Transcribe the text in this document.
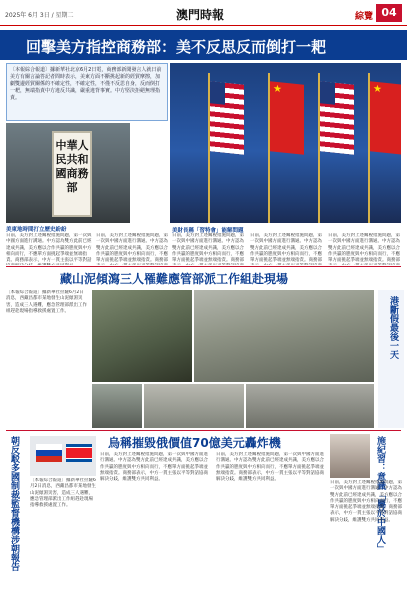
2025年 6月 3日 / 星期二	澳門時報	綜覽 04
回擊美方指控商務部：美不反思反而倒打一耙
〔本報綜合報道〕據新華社北京6月2日電，商務部新聞發言人就日前美方有關言論答記者問時表示，美東方面不斷挑起新的經貿摩擦，加劇雙邊經貿關係的不確定性，不確定性，不僅不反思自身，反而倒打一耙，無端指責中方違反共識，嚴重違背事實。中方堅決拒絕無理指責。
中華人民共和國商務部
美東地時間打立歷史紛紛
★
★	美財長稱「習特會」能解問題
日前，美方對上述關稅措施問題，第一次與中國方面進行溝通。中方認為雙方此前已經達成共識，美方應以合作共贏的態度與中方相向而行，不應單方面挑起爭端並無端指責。商務部表示，中方一貫主張以平等對話
日前，美方對上述關稅措施問題，第一次與中國方面進行溝通。中方認為雙方此前已經達成共識，美方應以合作共贏的態度與中方相向而行，不應單方面挑起爭端並無端指責。商務部
日前，美方對上述關稅措施問題，第一次與中國方面進行溝通。中方認為雙方此前已經達成共識，美方應以合作共贏的態度與中方相向而行，不應單方面挑起爭端並無端指責。商務部
日前，美方對上述關稅措施問題，第一次與中國方面進行溝通。中方認為雙方此前已經達成共識，美方應以合作共贏的態度與中方相向而行，不應單方面挑起爭端並無端指責。商務部
日前，美方對上述關稅措施問題，第一次與中國方面進行溝通。中方認為雙方此前已經達成共識，美方應以合作共贏的態度與中方相向而行，不應單方面挑起爭端並無端指責。商務部
藏山泥傾瀉三人罹難應管部派工作組赴現場
〔本報綜合報道〕據新華社拉薩6月2日消息，西藏昌都市某地發生山泥傾瀉災害，造成三人遇難，應急管理部派出工作組趕赴現場指導救援處置工作。	港斷假最後一天
烏稱摧毀俄價值70億美元轟炸機
朝反駁多國制裁監督機構涉朝報告 〔本報綜合報道〕據新華社拉薩6月2日消息，西藏昌都市某地發生山泥傾瀉災害，造成三人遇難，應急管理部派出工作組趕赴現場指導救援處置工作。
日前，美方對上述關稅措施問題，第一次與中國方面進行溝通。中方認為雙方此前已經達成共識，美方應以合作共贏的態度與中方相向而行，不應單方面挑起爭端並無端指責。商務部表示，中方一貫主張以平等對話協商解決分歧，維護雙方共同利益。
日前，美方對上述關稅措施問題，第一次與中國方面進行溝通。中方認為雙方此前已經達成共識，美方應以合作共贏的態度與中方相向而行，不應單方面挑起爭端並無端指責。商務部表示，中方一貫主張以平等對話協商解決分歧，維護雙方共同利益。	施紀習：意識「屬於中國人」
日前，美方對上述關稅措施問題，第一次與中國方面進行溝通。中方認為雙方此前已經達成共識，美方應以合作共贏的態度與中方相向而行，不應單方面挑起爭端並無端指責。商務部表示，中方一貫主張以平等對話協商解決分歧，維護雙方共同利益。
